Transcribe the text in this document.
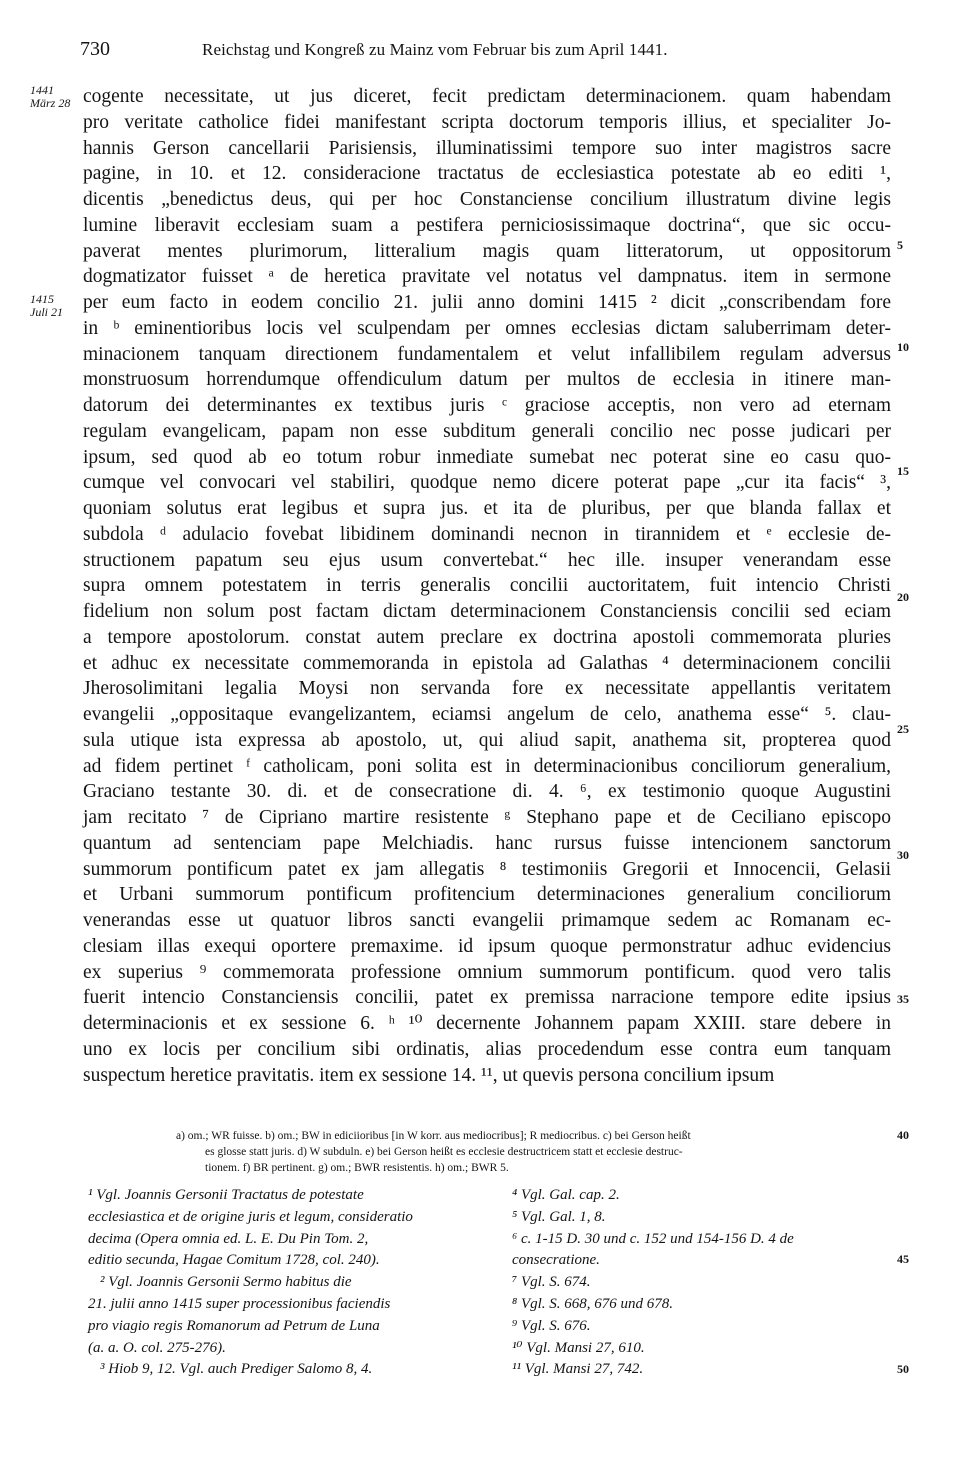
730	Reichstag und Kongreß zu Mainz vom Februar bis zum April 1441.
1441
März 28
1415
Juli 21
5
10
15
20
25
30
35
40
45
50
cogente necessitate, ut jus diceret, fecit predictam determinacionem. quam habendam
pro veritate catholice fidei manifestant scripta doctorum temporis illius, et specialiter Jo-
hannis Gerson cancellarii Parisiensis, illuminatissimi tempore suo inter magistros sacre
pagine, in 10. et 12. consideracione tractatus de ecclesiastica potestate ab eo editi ¹,
dicentis „benedictus deus, qui per hoc Constanciense concilium illustratum divine legis
lumine liberavit ecclesiam suam a pestifera perniciosissimaque doctrina“, que sic occu-
paverat mentes plurimorum, litteralium magis quam litteratorum, ut oppositorum
dogmatizator fuisset ᵃ de heretica pravitate vel notatus vel dampnatus. item in sermone
per eum facto in eodem concilio 21. julii anno domini 1415 ² dicit „conscribendam fore
in ᵇ eminentioribus locis vel sculpendam per omnes ecclesias dictam saluberrimam deter-
minacionem tanquam directionem fundamentalem et velut infallibilem regulam adversus
monstruosum horrendumque offendiculum datum per multos de ecclesia in itinere man-
datorum dei determinantes ex textibus juris ᶜ graciose acceptis, non vero ad eternam
regulam evangelicam, papam non esse subditum generali concilio nec posse judicari per
ipsum, sed quod ab eo totum robur inmediate sumebat nec poterat sine eo casu quo-
cumque vel convocari vel stabiliri, quodque nemo dicere poterat pape „cur ita facis“ ³,
quoniam solutus erat legibus et supra jus. et ita de pluribus, per que blanda fallax et
subdola ᵈ adulacio fovebat libidinem dominandi necnon in tirannidem et ᵉ ecclesie de-
structionem papatum seu ejus usum convertebat.“ hec ille. insuper venerandam esse
supra omnem potestatem in terris generalis concilii auctoritatem, fuit intencio Christi
fidelium non solum post factam dictam determinacionem Constanciensis concilii sed eciam
a tempore apostolorum. constat autem preclare ex doctrina apostoli commemorata pluries
et adhuc ex necessitate commemoranda in epistola ad Galathas ⁴ determinacionem concilii
Jherosolimitani legalia Moysi non servanda fore ex necessitate appellantis veritatem
evangelii „oppositaque evangelizantem, eciamsi angelum de celo, anathema esse“ ⁵. clau-
sula utique ista expressa ab apostolo, ut, qui aliud sapit, anathema sit, propterea quod
ad fidem pertinet ᶠ catholicam, poni solita est in determinacionibus conciliorum generalium,
Graciano testante 30. di. et de consecratione di. 4. ⁶, ex testimonio quoque Augustini
jam recitato ⁷ de Cipriano martire resistente ᵍ Stephano pape et de Ceciliano episcopo
quantum ad sentenciam pape Melchiadis. hanc rursus fuisse intencionem sanctorum
summorum pontificum patet ex jam allegatis ⁸ testimoniis Gregorii et Innocencii, Gelasii
et Urbani summorum pontificum profitencium determinaciones generalium conciliorum
venerandas esse ut quatuor libros sancti evangelii primamque sedem ac Romanam ec-
clesiam illas exequi oportere premaxime. id ipsum quoque permonstratur adhuc evidencius
ex superius ⁹ commemorata professione omnium summorum pontificum. quod vero talis
fuerit intencio Constanciensis concilii, patet ex premissa narracione tempore edite ipsius
determinacionis et ex sessione 6. ʰ ¹⁰ decernente Johannem papam XXIII. stare debere in
uno ex locis per concilium sibi ordinatis, alias procedendum esse contra eum tanquam
suspectum heretice pravitatis. item ex sessione 14. ¹¹, ut quevis persona concilium ipsum
a) om.; WR fuisse. b) om.; BW in ediciioribus [in W korr. aus mediocribus]; R mediocribus. c) bei Gerson heißt
es glosse statt juris. d) W subduln. e) bei Gerson heißt es ecclesie destructricem statt et ecclesie destruc-
tionem. f) BR pertinent. g) om.; BWR resistentis. h) om.; BWR 5.
¹ Vgl. Joannis Gersonii Tractatus de potestate
ecclesiastica et de origine juris et legum, consideratio
decima (Opera omnia ed. L. E. Du Pin Tom. 2,
editio secunda, Hagae Comitum 1728, col. 240).
² Vgl. Joannis Gersonii Sermo habitus die
21. julii anno 1415 super processionibus faciendis
pro viagio regis Romanorum ad Petrum de Luna
(a. a. O. col. 275-276).
³ Hiob 9, 12. Vgl. auch Prediger Salomo 8, 4.
⁴ Vgl. Gal. cap. 2.
⁵ Vgl. Gal. 1, 8.
⁶ c. 1-15 D. 30 und c. 152 und 154-156 D. 4 de
consecratione.
⁷ Vgl. S. 674.
⁸ Vgl. S. 668, 676 und 678.
⁹ Vgl. S. 676.
¹⁰ Vgl. Mansi 27, 610.
¹¹ Vgl. Mansi 27, 742.
